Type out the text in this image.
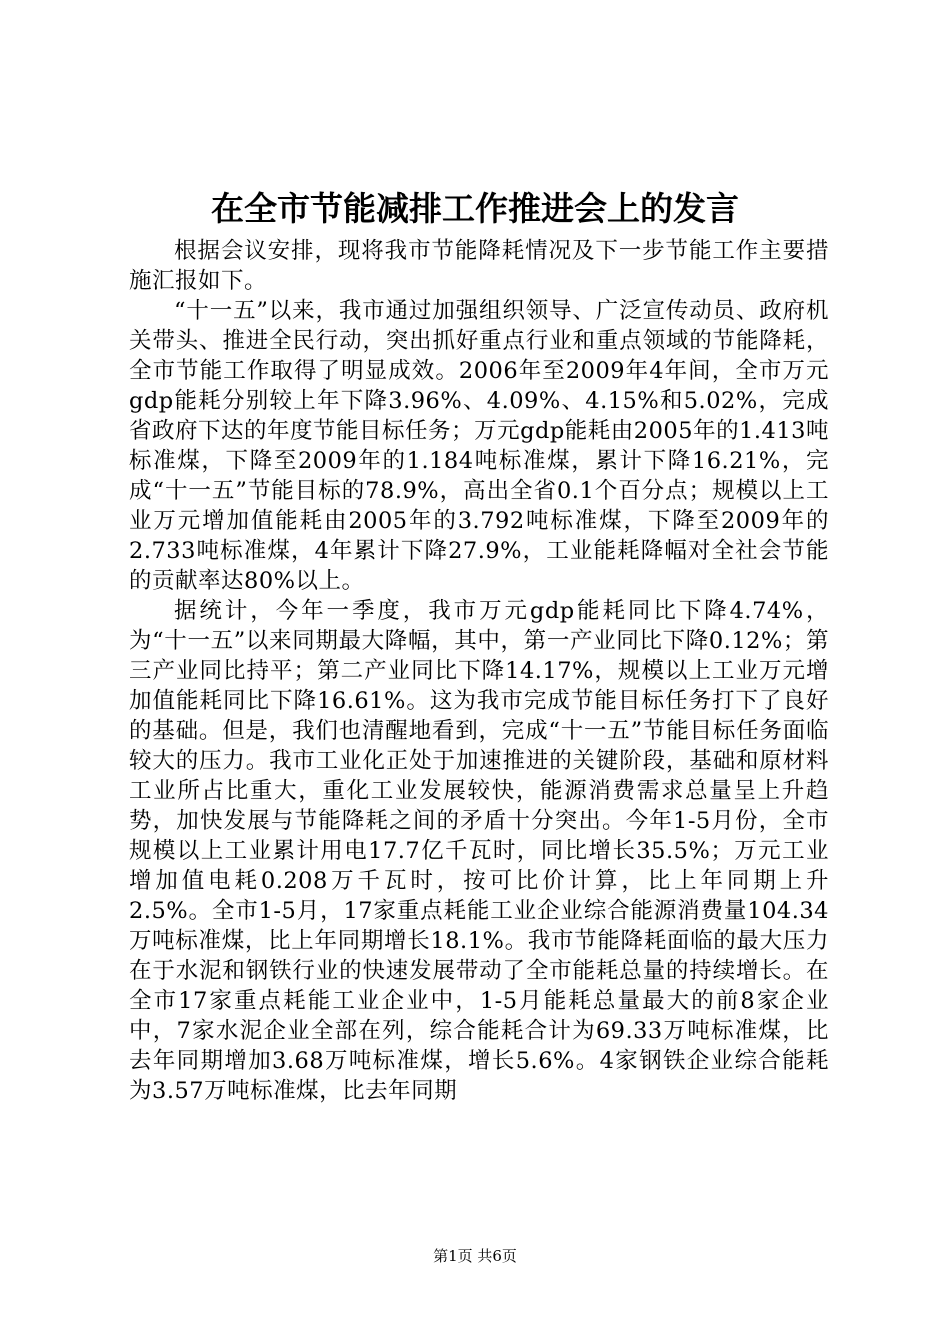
在全市节能减排工作推进会上的发言

根据会议安排，现将我市节能降耗情况及下一步节能工作主要措施汇报如下。

“十一五”以来，我市通过加强组织领导、广泛宣传动员、政府机关带头、推进全民行动，突出抓好重点行业和重点领域的节能降耗，全市节能工作取得了明显成效。2006年至2009年4年间，全市万元gdp能耗分别较上年下降3.96%、4.09%、4.15%和5.02%，完成省政府下达的年度节能目标任务；万元gdp能耗由2005年的1.413吨标准煤，下降至2009年的1.184吨标准煤，累计下降16.21%，完成“十一五”节能目标的78.9%，高出全省0.1个百分点；规模以上工业万元增加值能耗由2005年的3.792吨标准煤，下降至2009年的2.733吨标准煤，4年累计下降27.9%，工业能耗降幅对全社会节能的贡献率达80%以上。

据统计，今年一季度，我市万元gdp能耗同比下降4.74%，为“十一五”以来同期最大降幅，其中，第一产业同比下降0.12%；第三产业同比持平；第二产业同比下降14.17%，规模以上工业万元增加值能耗同比下降16.61%。这为我市完成节能目标任务打下了良好的基础。但是，我们也清醒地看到，完成“十一五”节能目标任务面临较大的压力。我市工业化正处于加速推进的关键阶段，基础和原材料工业所占比重大，重化工业发展较快，能源消费需求总量呈上升趋势，加快发展与节能降耗之间的矛盾十分突出。今年1-5月份，全市规模以上工业累计用电17.7亿千瓦时，同比增长35.5%；万元工业增加值电耗0.208万千瓦时，按可比价计算，比上年同期上升2.5%。全市1-5月，17家重点耗能工业企业综合能源消费量104.34万吨标准煤，比上年同期增长18.1%。我市节能降耗面临的最大压力在于水泥和钢铁行业的快速发展带动了全市能耗总量的持续增长。在全市17家重点耗能工业企业中，1-5月能耗总量最大的前8家企业中，7家水泥企业全部在列，综合能耗合计为69.33万吨标准煤，比去年同期增加3.68万吨标准煤，增长5.6%。4家钢铁企业综合能耗为3.57万吨标准煤，比去年同期

第1页 共6页
